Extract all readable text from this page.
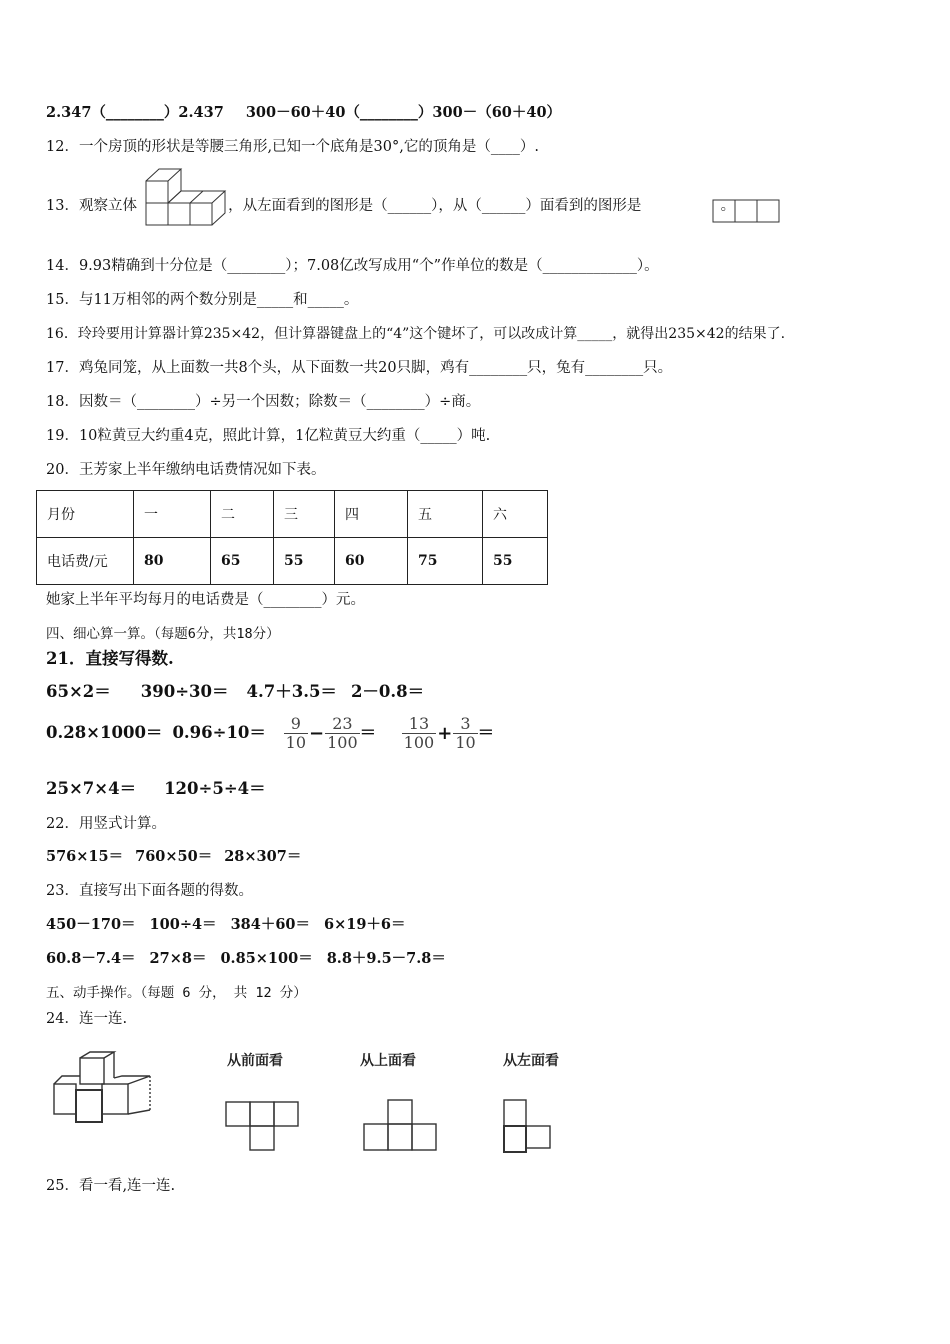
2.347（________）2.437 300－60＋40（________）300－（60＋40）
12．一个房顶的形状是等腰三角形,已知一个底角是30°,它的顶角是（____）.
13．观察立体	，从左面看到的图形是（______），从（______）面看到的图形是	。
14．9.93精确到十分位是（________）；7.08亿改写成用“个”作单位的数是（_____________）。
15．与11万相邻的两个数分别是_____和_____。
16．玲玲要用计算器计算235×42，但计算器键盘上的“4”这个键坏了，可以改成计算_____，就得出235×42的结果了.
17．鸡兔同笼，从上面数一共8个头，从下面数一共20只脚，鸡有________只，兔有________只。
18．因数＝（________）÷另一个因数；除数＝（________）÷商。
19．10粒黄豆大约重4克，照此计算，1亿粒黄豆大约重（_____）吨.
20．王芳家上半年缴纳电话费情况如下表。
月份	一	二	三	四	五	六
电话费/元	80	65	55	60	75	55
她家上半年平均每月的电话费是（________）元。
四、细心算一算。（每题6分，共18分）
21．直接写得数.
65×2＝ 390÷30＝ 4.7＋3.5＝ 2－0.8＝
$0.28\times 1000= 0.96\div 10= \frac{9}{10} - \frac{23}{100} = \frac{13}{100} + \frac{3}{10}$ ＝
25×7×4＝ 120÷5÷4＝
22．用竖式计算。
576×15＝ 760×50＝ 28×307＝
23．直接写出下面各题的得数。
450－170＝ 100÷4＝ 384＋60＝ 6×19＋6＝
60.8－7.4＝ 27×8＝ 0.85×100＝ 8.8＋9.5－7.8＝
五、动手操作。（每题 6 分， 共 12 分）
24．连一连.
从前面看	从上面看	从左面看
25．看一看,连一连.
